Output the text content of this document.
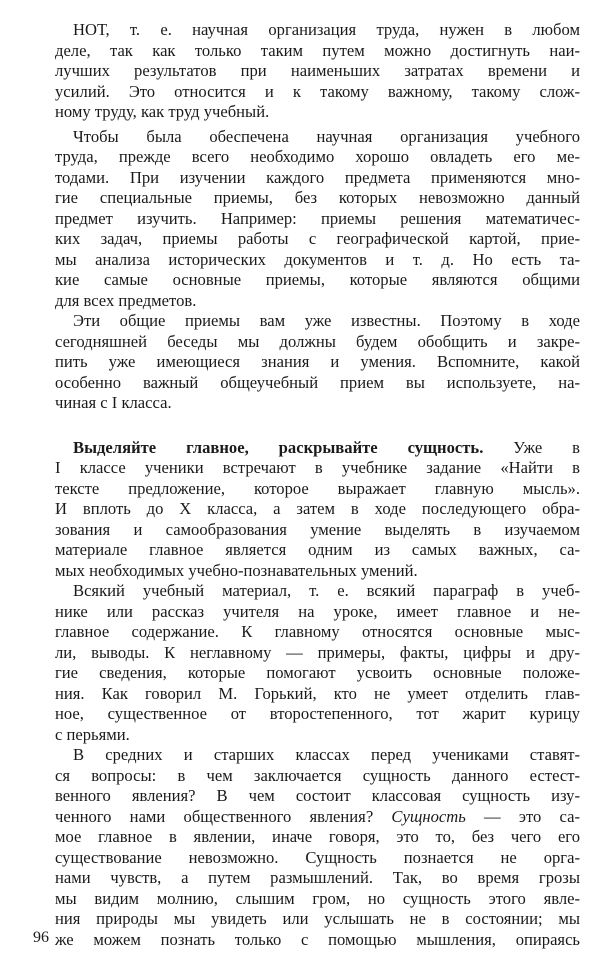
НОТ, т. е. научная организация труда, нужен в любом
деле, так как только таким путем можно достигнуть наи-
лучших результатов при наименьших затратах времени и
усилий. Это относится и к такому важному, такому слож-
ному труду, как труд учебный.
Чтобы была обеспечена научная организация учебного
труда, прежде всего необходимо хорошо овладеть его ме-
тодами. При изучении каждого предмета применяются мно-
гие специальные приемы, без которых невозможно данный
предмет изучить. Например: приемы решения математичес-
ких задач, приемы работы с географической картой, прие-
мы анализа исторических документов и т. д. Но есть та-
кие самые основные приемы, которые являются общими
для всех предметов.
Эти общие приемы вам уже известны. Поэтому в ходе
сегодняшней беседы мы должны будем обобщить и закре-
пить уже имеющиеся знания и умения. Вспомните, какой
особенно важный общеучебный прием вы используете, на-
чиная с I класса.
Выделяйте главное, раскрывайте сущность. Уже в
I классе ученики встречают в учебнике задание «Найти в
тексте предложение, которое выражает главную мысль».
И вплоть до X класса, а затем в ходе последующего обра-
зования и самообразования умение выделять в изучаемом
материале главное является одним из самых важных, са-
мых необходимых учебно-познавательных умений.
Всякий учебный материал, т. е. всякий параграф в учеб-
нике или рассказ учителя на уроке, имеет главное и не-
главное содержание. К главному относятся основные мыс-
ли, выводы. К неглавному — примеры, факты, цифры и дру-
гие сведения, которые помогают усвоить основные положе-
ния. Как говорил М. Горький, кто не умеет отделить глав-
ное, существенное от второстепенного, тот жарит курицу
с перьями.
В средних и старших классах перед учениками ставят-
ся вопросы: в чем заключается сущность данного естест-
венного явления? В чем состоит классовая сущность изу-
ченного нами общественного явления? Сущность — это са-
мое главное в явлении, иначе говоря, это то, без чего его
существование невозможно. Сущность познается не орга-
нами чувств, а путем размышлений. Так, во время грозы
мы видим молнию, слышим гром, но сущность этого явле-
ния природы мы увидеть или услышать не в состоянии; мы
же можем познать только с помощью мышления, опираясь
96
